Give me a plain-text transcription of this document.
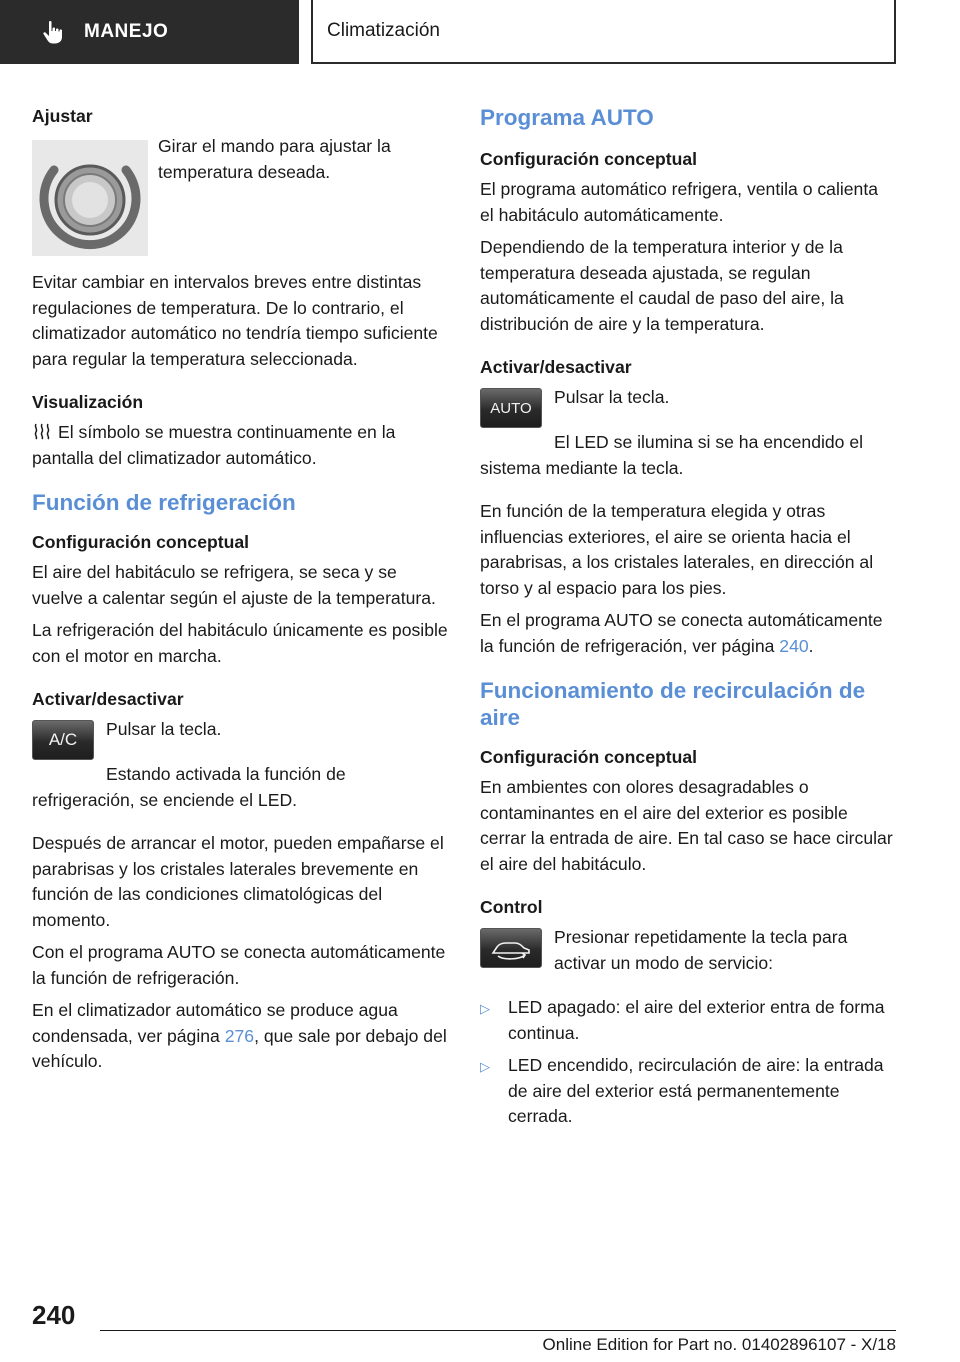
MANEJO	Climatización
Ajustar

Girar el mando para ajustar la temperatura deseada.

Evitar cambiar en intervalos breves entre distintas regulaciones de temperatura. De lo contrario, el climatizador automático no tendría tiempo suficiente para regular la temperatura seleccionada.

Visualización

El símbolo se muestra continuamente en la pantalla del climatizador automático.

Función de refrigeración
Configuración conceptual

El aire del habitáculo se refrigera, se seca y se vuelve a calentar según el ajuste de la temperatura.

La refrigeración del habitáculo únicamente es posible con el motor en marcha.

Activar/desactivar
A/C

Pulsar la tecla.

Estando activada la función de refrigeración, se enciende el LED.

Después de arrancar el motor, pueden empañarse el parabrisas y los cristales laterales brevemente en función de las condiciones climatológicas del momento.

Con el programa AUTO se conecta automáticamente la función de refrigeración.

En el climatizador automático se produce agua condensada, ver página 276, que sale por debajo del vehículo.

Programa AUTO
Configuración conceptual

El programa automático refrigera, ventila o calienta el habitáculo automáticamente.

Dependiendo de la temperatura interior y de la temperatura deseada ajustada, se regulan automáticamente el caudal de paso del aire, la distribución de aire y la temperatura.

Activar/desactivar
AUTO

Pulsar la tecla.

El LED se ilumina si se ha encendido el sistema mediante la tecla.

En función de la temperatura elegida y otras influencias exteriores, el aire se orienta hacia el parabrisas, a los cristales laterales, en dirección al torso y al espacio para los pies.

En el programa AUTO se conecta automáticamente la función de refrigeración, ver página 240.

Funcionamiento de recirculación de aire
Configuración conceptual

En ambientes con olores desagradables o contaminantes en el aire del exterior es posible cerrar la entrada de aire. En tal caso se hace circular el aire del habitáculo.

Control

Presionar repetidamente la tecla para activar un modo de servicio:

▷	LED apagado: el aire del exterior entra de forma continua.
▷	LED encendido, recirculación de aire: la entrada de aire del exterior está permanentemente cerrada.
240
Online Edition for Part no. 01402896107 - X/18
